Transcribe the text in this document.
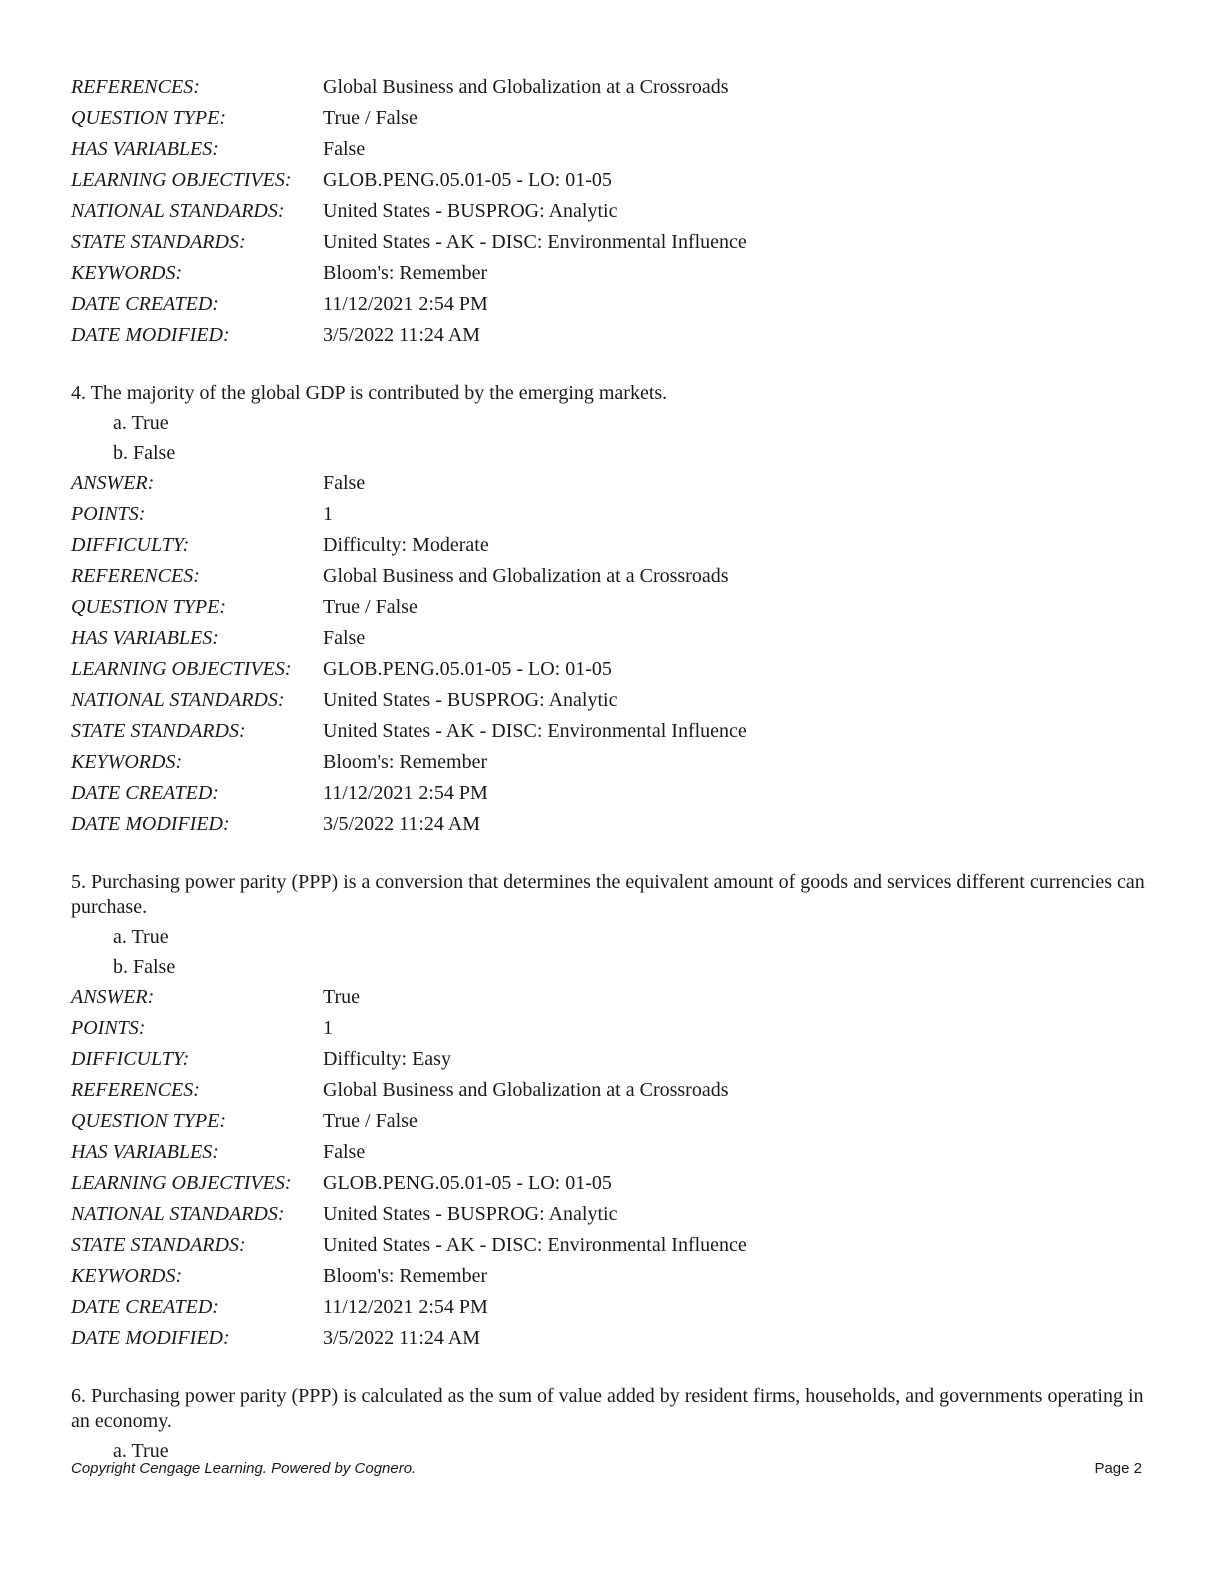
REFERENCES:	Global Business and Globalization at a Crossroads
QUESTION TYPE:	True / False
HAS VARIABLES:	False
LEARNING OBJECTIVES:	GLOB.PENG.05.01-05 - LO: 01-05
NATIONAL STANDARDS:	United States - BUSPROG: Analytic
STATE STANDARDS:	United States - AK - DISC: Environmental Influence
KEYWORDS:	Bloom's: Remember
DATE CREATED:	11/12/2021 2:54 PM
DATE MODIFIED:	3/5/2022 11:24 AM
4. The majority of the global GDP is contributed by the emerging markets.
a. True
b. False
ANSWER:	False
POINTS:	1
DIFFICULTY:	Difficulty: Moderate
REFERENCES:	Global Business and Globalization at a Crossroads
QUESTION TYPE:	True / False
HAS VARIABLES:	False
LEARNING OBJECTIVES:	GLOB.PENG.05.01-05 - LO: 01-05
NATIONAL STANDARDS:	United States - BUSPROG: Analytic
STATE STANDARDS:	United States - AK - DISC: Environmental Influence
KEYWORDS:	Bloom's: Remember
DATE CREATED:	11/12/2021 2:54 PM
DATE MODIFIED:	3/5/2022 11:24 AM
5. Purchasing power parity (PPP) is a conversion that determines the equivalent amount of goods and services different currencies can purchase.
a. True
b. False
ANSWER:	True
POINTS:	1
DIFFICULTY:	Difficulty: Easy
REFERENCES:	Global Business and Globalization at a Crossroads
QUESTION TYPE:	True / False
HAS VARIABLES:	False
LEARNING OBJECTIVES:	GLOB.PENG.05.01-05 - LO: 01-05
NATIONAL STANDARDS:	United States - BUSPROG: Analytic
STATE STANDARDS:	United States - AK - DISC: Environmental Influence
KEYWORDS:	Bloom's: Remember
DATE CREATED:	11/12/2021 2:54 PM
DATE MODIFIED:	3/5/2022 11:24 AM
6. Purchasing power parity (PPP) is calculated as the sum of value added by resident firms, households, and governments operating in an economy.
a. True
Copyright Cengage Learning. Powered by Cognero.	Page 2
